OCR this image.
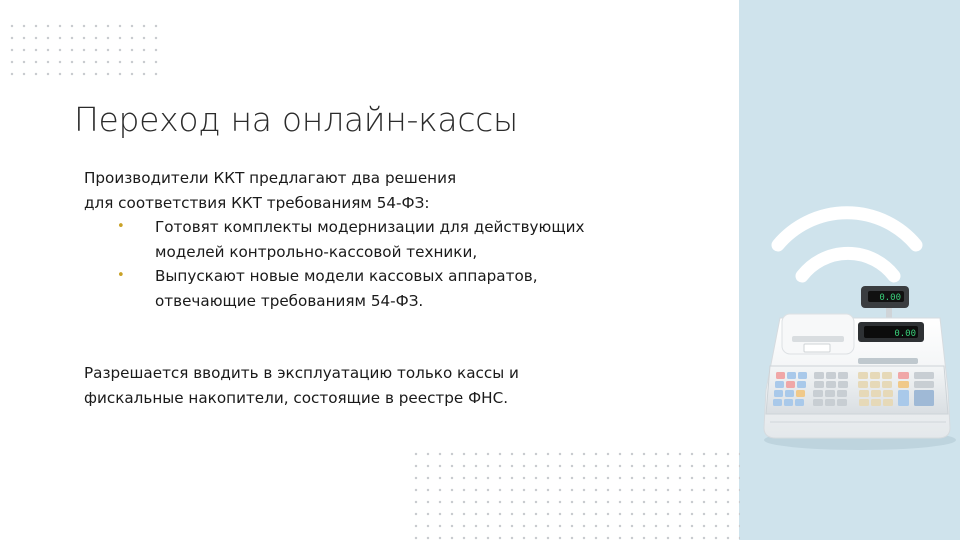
Переход на онлайн-кассы

Производители ККТ предлагают два решения

для соответствия ККТ требованиям 54-ФЗ:

• Готовят комплекты модернизации для действующих
моделей контрольно-кассовой техники,
• Выпускают новые модели кассовых аппаратов,
отвечающие требованиям 54-ФЗ.

Разрешается вводить в эксплуатацию только кассы и

фискальные накопители, состоящие в реестре ФНС.

0.00
0.00
